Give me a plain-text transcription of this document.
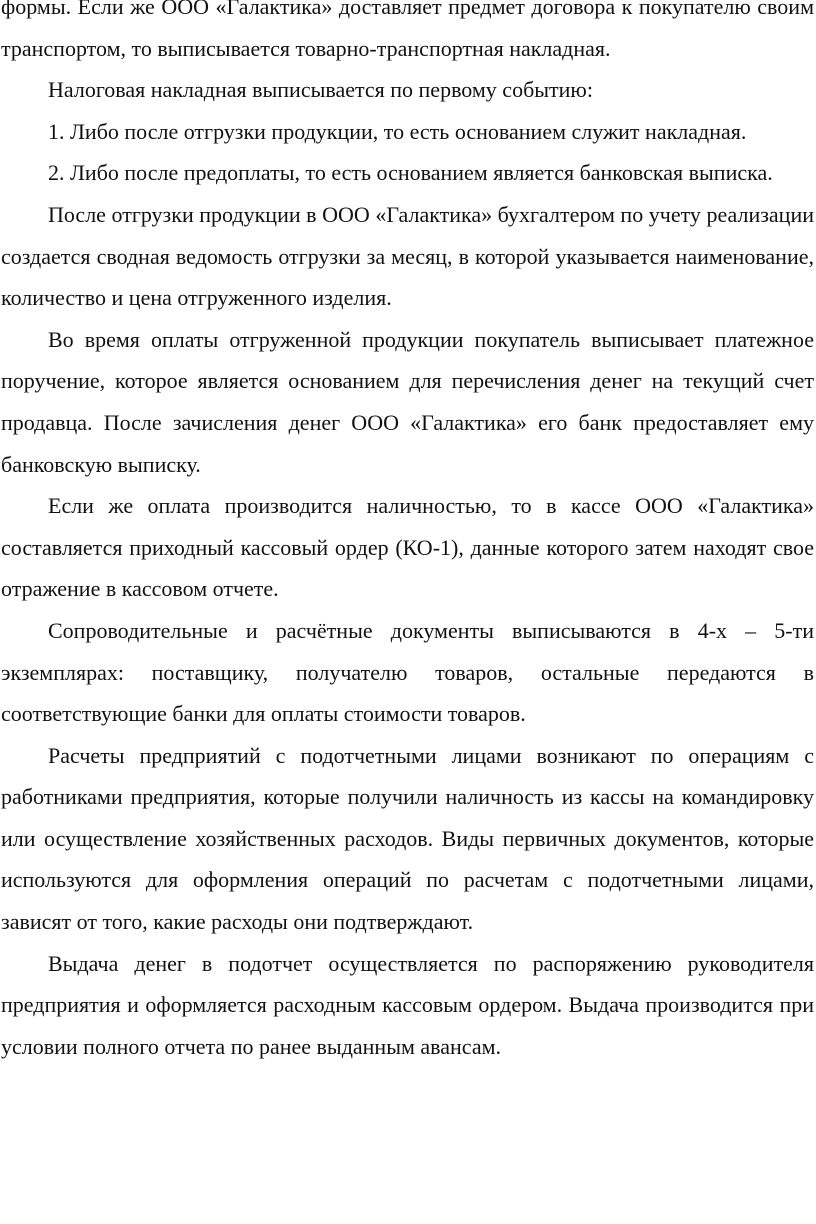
формы. Если же ООО «Галактика» доставляет предмет договора к покупателю своим транспортом, то выписывается товарно-транспортная накладная.

Налоговая накладная выписывается по первому событию:

1. Либо после отгрузки продукции, то есть основанием служит накладная.

2. Либо после предоплаты, то есть основанием является банковская выписка.

После отгрузки продукции в ООО «Галактика» бухгалтером по учету реализации создается сводная ведомость отгрузки за месяц, в которой указывается наименование, количество и цена отгруженного изделия.

Во время оплаты отгруженной продукции покупатель выписывает платежное поручение, которое является основанием для перечисления денег на текущий счет продавца. После зачисления денег ООО «Галактика» его банк предоставляет ему банковскую выписку.

Если же оплата производится наличностью, то в кассе ООО «Галактика» составляется приходный кассовый ордер (КО-1), данные которого затем находят свое отражение в кассовом отчете.

Сопроводительные и расчётные документы выписываются в 4-х – 5-ти экземплярах: поставщику, получателю товаров, остальные передаются в соответствующие банки для оплаты стоимости товаров.

Расчеты предприятий с подотчетными лицами возникают по операциям с работниками предприятия, которые получили наличность из кассы на командировку или осуществление хозяйственных расходов. Виды первичных документов, которые используются для оформления операций по расчетам с подотчетными лицами, зависят от того, какие расходы они подтверждают.

Выдача денег в подотчет осуществляется по распоряжению руководителя предприятия и оформляется расходным кассовым ордером. Выдача производится при условии полного отчета по ранее выданным авансам.
